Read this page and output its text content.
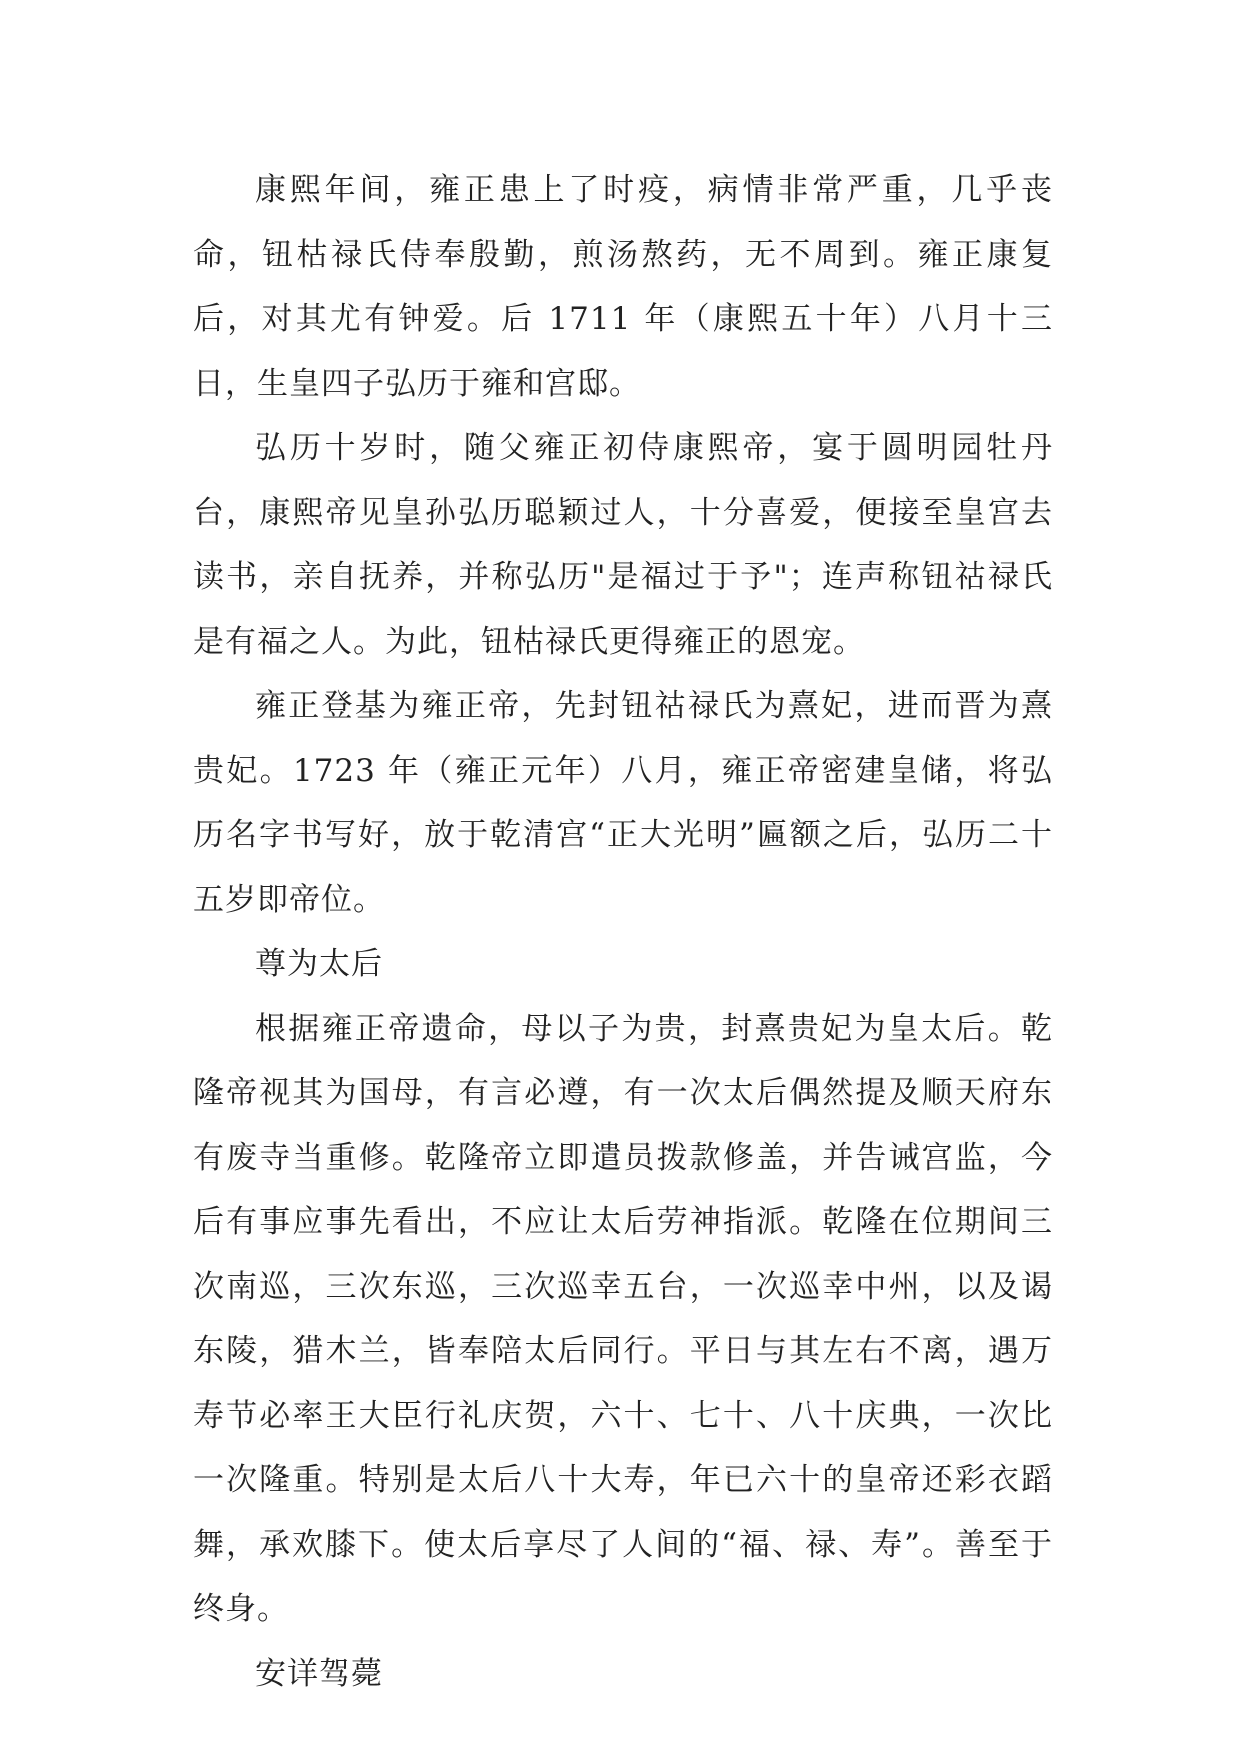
康熙年间，雍正患上了时疫，病情非常严重，几乎丧命，钮枯禄氏侍奉殷勤，煎汤熬药，无不周到。雍正康复后，对其尤有钟爱。后 1711 年（康熙五十年）八月十三日，生皇四子弘历于雍和宫邸。

弘历十岁时，随父雍正初侍康熙帝，宴于圆明园牡丹台，康熙帝见皇孙弘历聪颖过人，十分喜爱，便接至皇宫去读书，亲自抚养，并称弘历"是福过于予"；连声称钮祜禄氏是有福之人。为此，钮枯禄氏更得雍正的恩宠。

雍正登基为雍正帝，先封钮祜禄氏为熹妃，进而晋为熹贵妃。1723 年（雍正元年）八月，雍正帝密建皇储，将弘历名字书写好，放于乾清宫“正大光明”匾额之后，弘历二十五岁即帝位。

尊为太后

根据雍正帝遗命，母以子为贵，封熹贵妃为皇太后。乾隆帝视其为国母，有言必遵，有一次太后偶然提及顺天府东有废寺当重修。乾隆帝立即遣员拨款修盖，并告诫宫监，今后有事应事先看出，不应让太后劳神指派。乾隆在位期间三次南巡，三次东巡，三次巡幸五台，一次巡幸中州，以及谒东陵，猎木兰，皆奉陪太后同行。平日与其左右不离，遇万寿节必率王大臣行礼庆贺，六十、七十、八十庆典，一次比一次隆重。特别是太后八十大寿，年已六十的皇帝还彩衣蹈舞，承欢膝下。使太后享尽了人间的“福、禄、寿”。善至于终身。

安详驾薨
